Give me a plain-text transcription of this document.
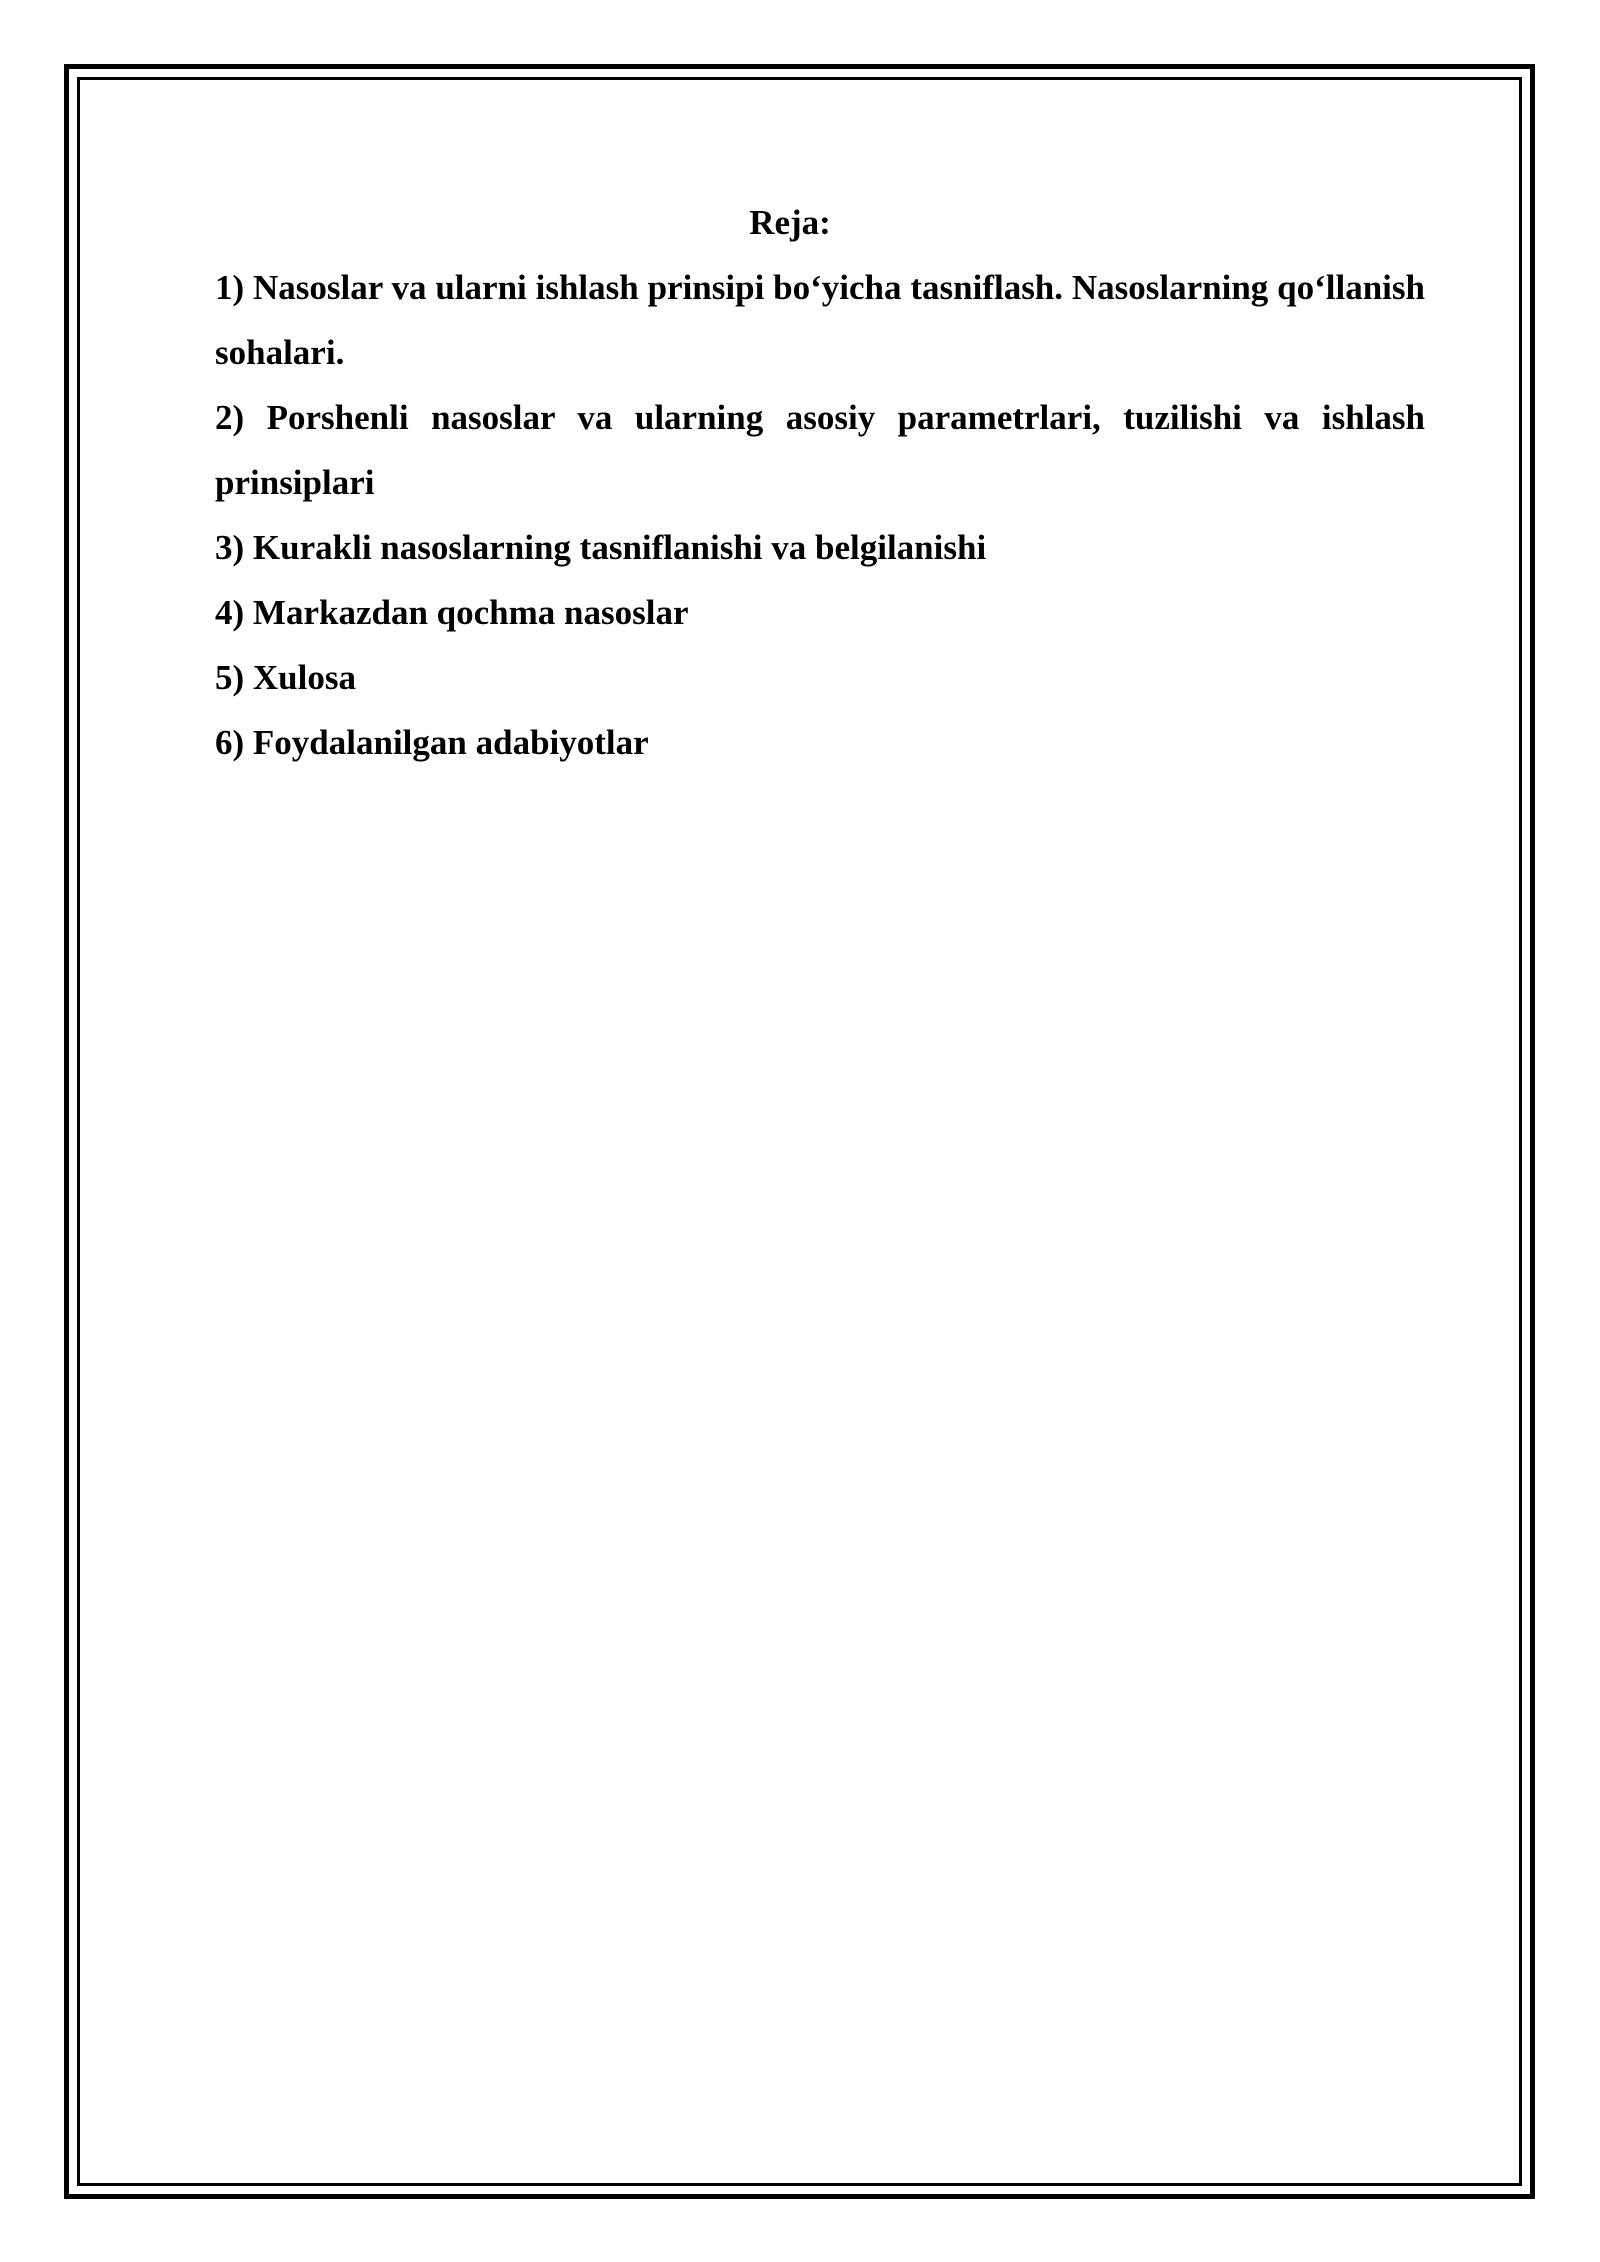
Reja:
1) Nasoslar va ularni ishlash prinsipi bo‘yicha tasniflash. Nasoslarning qo‘llanish sohalari.
2) Porshenli nasoslar va ularning asosiy parametrlari, tuzilishi va ishlash prinsiplari
3) Kurakli nasoslarning tasniflanishi va belgilanishi
4) Markazdan qochma nasoslar
5) Xulosa
6) Foydalanilgan adabiyotlar
